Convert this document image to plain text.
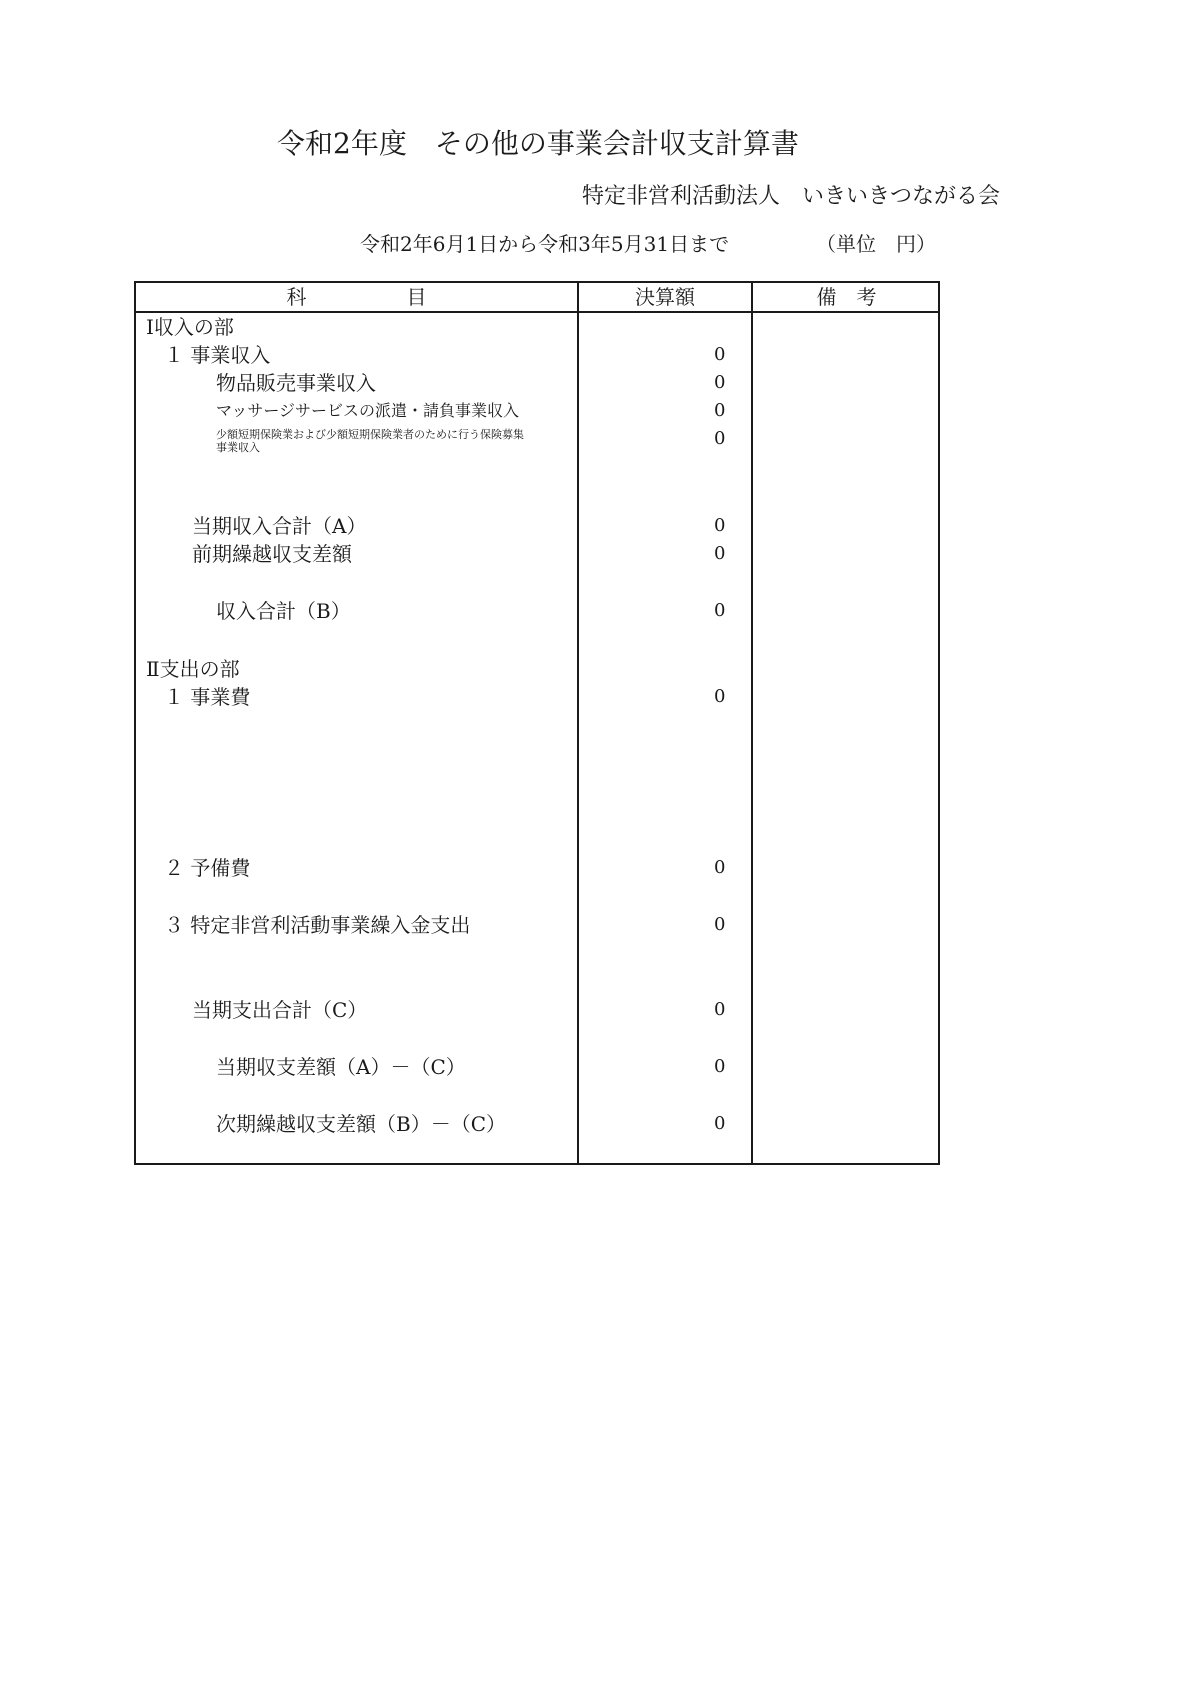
令和2年度　その他の事業会計収支計算書
特定非営利活動法人　いきいきつながる会
令和2年6月1日から令和3年5月31日まで	（単位　円）
科　　　　　目	決算額	備　考
Ⅰ収入の部
１ 事業収入	0
物品販売事業収入	0
マッサージサービスの派遣・請負事業収入	0
少額短期保険業および少額短期保険業者のために行う保険募集
事業収入	0
当期収入合計（A）	0
前期繰越収支差額	0
収入合計（B）	0
Ⅱ支出の部
１ 事業費	0
２ 予備費	0
３ 特定非営利活動事業繰入金支出	0
当期支出合計（C）	0
当期収支差額（A）－（C）	0
次期繰越収支差額（B）－（C）	0
